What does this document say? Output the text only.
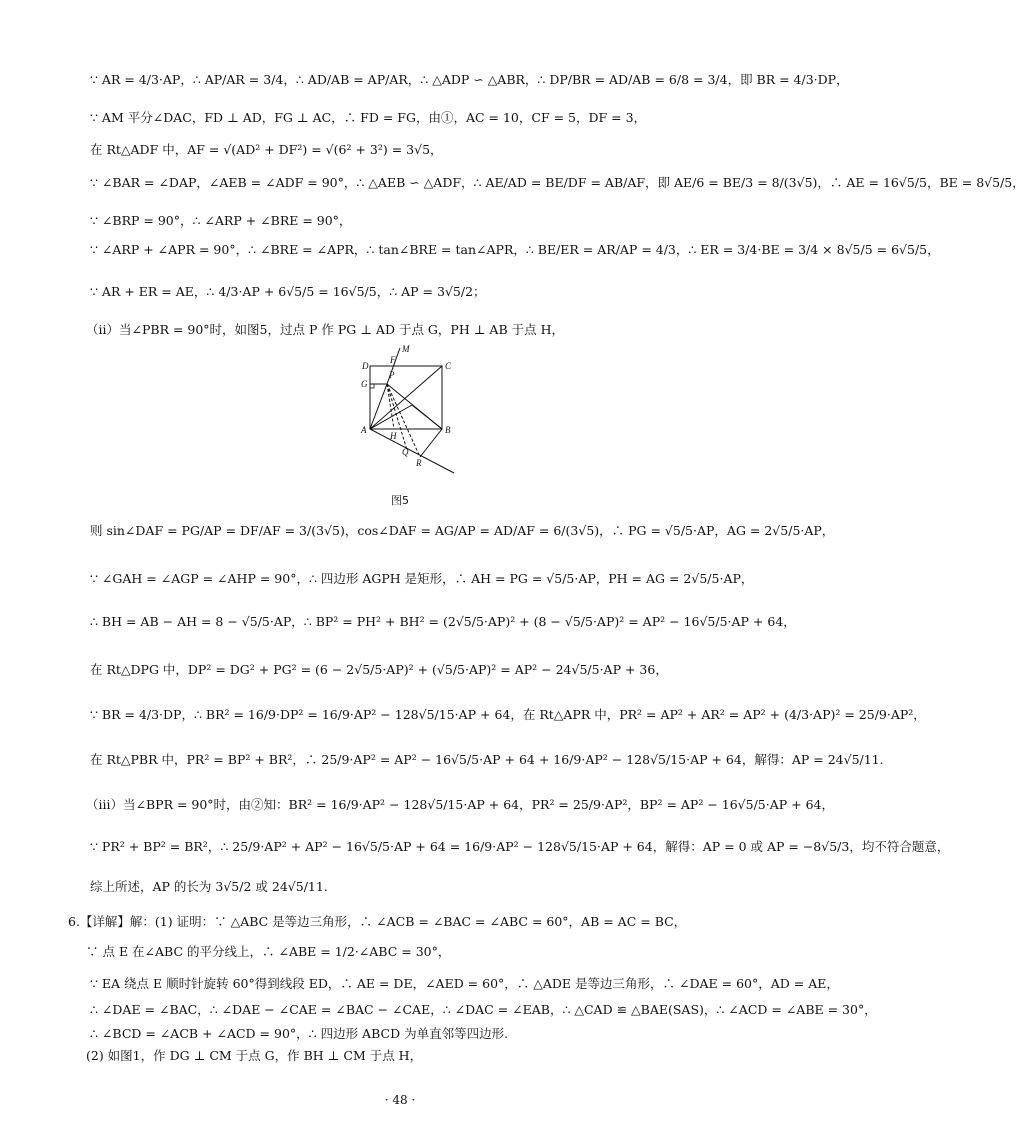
∵ AR = 4/3·AP，∴ AP/AR = 3/4，∴ AD/AB = AP/AR，∴ △ADP ∽ △ABR，∴ DP/BR = AD/AB = 6/8 = 3/4，即 BR = 4/3·DP，
∵ AM 平分∠DAC，FD ⊥ AD，FG ⊥ AC，∴ FD = FG，由①，AC = 10，CF = 5，DF = 3，
在 Rt△ADF 中，AF = √(AD² + DF²) = √(6² + 3²) = 3√5，
∵ ∠BAR = ∠DAP，∠AEB = ∠ADF = 90°，∴ △AEB ∽ △ADF，∴ AE/AD = BE/DF = AB/AF，即 AE/6 = BE/3 = 8/(3√5)，∴ AE = 16√5/5，BE = 8√5/5，
∵ ∠BRP = 90°，∴ ∠ARP + ∠BRE = 90°，
∵ ∠ARP + ∠APR = 90°，∴ ∠BRE = ∠APR，∴ tan∠BRE = tan∠APR，∴ BE/ER = AR/AP = 4/3，∴ ER = 3/4·BE = 3/4 × 8√5/5 = 6√5/5，
∵ AR + ER = AE，∴ 4/3·AP + 6√5/5 = 16√5/5，∴ AP = 3√5/2；
（ⅱ）当∠PBR = 90°时，如图5，过点 P 作 PG ⊥ AD 于点 G，PH ⊥ AB 于点 H，
D
M
F
C
G
P
A
H
B
Q
R
图5
则 sin∠DAF = PG/AP = DF/AF = 3/(3√5)，cos∠DAF = AG/AP = AD/AF = 6/(3√5)，∴ PG = √5/5·AP，AG = 2√5/5·AP，
∵ ∠GAH = ∠AGP = ∠AHP = 90°，∴ 四边形 AGPH 是矩形，∴ AH = PG = √5/5·AP，PH = AG = 2√5/5·AP，
∴ BH = AB − AH = 8 − √5/5·AP，∴ BP² = PH² + BH² = (2√5/5·AP)² + (8 − √5/5·AP)² = AP² − 16√5/5·AP + 64，
在 Rt△DPG 中，DP² = DG² + PG² = (6 − 2√5/5·AP)² + (√5/5·AP)² = AP² − 24√5/5·AP + 36，
∵ BR = 4/3·DP，∴ BR² = 16/9·DP² = 16/9·AP² − 128√5/15·AP + 64，在 Rt△APR 中，PR² = AP² + AR² = AP² + (4/3·AP)² = 25/9·AP²，
在 Rt△PBR 中，PR² = BP² + BR²，∴ 25/9·AP² = AP² − 16√5/5·AP + 64 + 16/9·AP² − 128√5/15·AP + 64，解得：AP = 24√5/11.
（ⅲ）当∠BPR = 90°时，由②知：BR² = 16/9·AP² − 128√5/15·AP + 64，PR² = 25/9·AP²，BP² = AP² − 16√5/5·AP + 64，
∵ PR² + BP² = BR²，∴ 25/9·AP² + AP² − 16√5/5·AP + 64 = 16/9·AP² − 128√5/15·AP + 64，解得：AP = 0 或 AP = −8√5/3，均不符合题意，
综上所述，AP 的长为 3√5/2 或 24√5/11.
6.【详解】解：(1) 证明：∵ △ABC 是等边三角形，∴ ∠ACB = ∠BAC = ∠ABC = 60°，AB = AC = BC，
∵ 点 E 在∠ABC 的平分线上，∴ ∠ABE = 1/2·∠ABC = 30°，
∵ EA 绕点 E 顺时针旋转 60°得到线段 ED，∴ AE = DE，∠AED = 60°，∴ △ADE 是等边三角形，∴ ∠DAE = 60°，AD = AE，
∴ ∠DAE = ∠BAC，∴ ∠DAE − ∠CAE = ∠BAC − ∠CAE，∴ ∠DAC = ∠EAB，∴ △CAD ≌ △BAE(SAS)，∴ ∠ACD = ∠ABE = 30°，
∴ ∠BCD = ∠ACB + ∠ACD = 90°，∴ 四边形 ABCD 为单直邻等四边形.
(2) 如图1，作 DG ⊥ CM 于点 G，作 BH ⊥ CM 于点 H，
· 48 ·
